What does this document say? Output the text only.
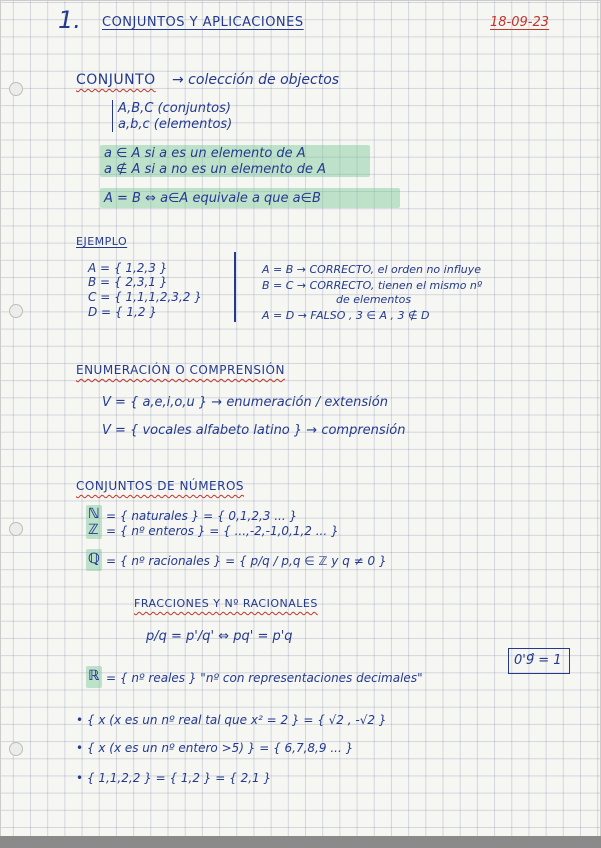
1. CONJUNTOS Y APLICACIONES	18-09-23
CONJUNTO → colección de objectos
A,B,C (conjuntos)
a,b,c (elementos)
a ∈ A si a es un elemento de A
a ∉ A si a no es un elemento de A
A = B ⇔ a∈A equivale a que a∈B
EJEMPLO
A = { 1,2,3 }
B = { 2,3,1 }
C = { 1,1,1,2,3,2 }
D = { 1,2 }
A = B → CORRECTO, el orden no influye
B = C → CORRECTO, tienen el mismo nº
de elementos
A = D → FALSO , 3 ∈ A , 3 ∉ D
ENUMERACIÓN O COMPRENSIÓN
V = { a,e,i,o,u } → enumeración / extensión
V = { vocales alfabeto latino } → comprensión
CONJUNTOS DE NÚMEROS
ℕ = { naturales } = { 0,1,2,3 ... }
ℤ = { nº enteros } = { ...,-2,-1,0,1,2 ... }
ℚ = { nº racionales } = { p/q / p,q ∈ ℤ y q ≠ 0 }
FRACCIONES Y Nº RACIONALES
p/q = p'/q' ⇔ pq' = p'q
0'9̂ = 1
ℝ = { nº reales } "nº con representaciones decimales"
• { x (x es un nº real tal que x² = 2 } = { √2 , -√2 }
• { x (x es un nº entero >5) } = { 6,7,8,9 ... }
• { 1,1,2,2 } = { 1,2 } = { 2,1 }
